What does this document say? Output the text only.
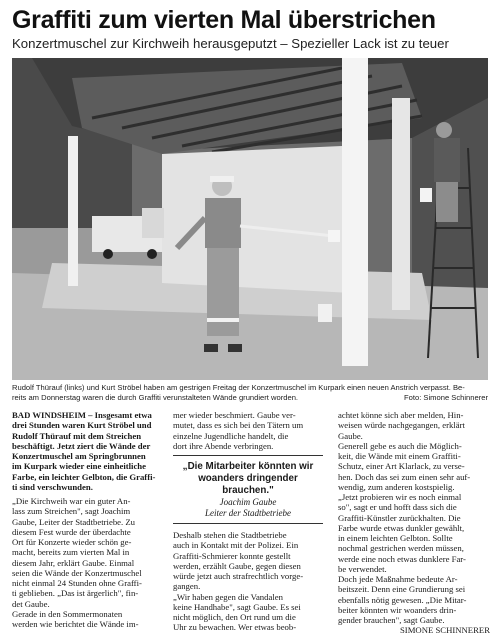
Graffiti zum vierten Mal überstrichen
Konzertmuschel zur Kirchweih herausgeputzt – Spezieller Lack ist zu teuer
Rudolf Thürauf (links) und Kurt Ströbel haben am gestrigen Freitag der Konzertmuschel im Kurpark einen neuen Anstrich verpasst. Be-
reits am Donnerstag waren die durch Graffiti verunstalteten Wände grundiert worden.	Foto: Simone Schinnerer
BAD WINDSHEIM – Insgesamt etwa
drei Stunden waren Kurt Ströbel und
Rudolf Thürauf mit dem Streichen
beschäftigt. Jetzt ziert die Wände der
Konzertmuschel am Springbrunnen
im Kurpark wieder eine einheitliche
Farbe, ein leichter Gelbton, die Graffi-
ti sind verschwunden.
„Die Kirchweih war ein guter An-
lass zum Streichen", sagt Joachim
Gaube, Leiter der Stadtbetriebe. Zu
diesem Fest wurde der überdachte
Ort für Konzerte wieder schön ge-
macht, bereits zum vierten Mal in
diesem Jahr, erklärt Gaube. Einmal
seien die Wände der Konzertmuschel
nicht einmal 24 Stunden ohne Graffi-
ti geblieben. „Das ist ärgerlich", fin-
det Gaube.
Gerade in den Sommermonaten
werden wie berichtet die Wände im-
mer wieder beschmiert. Gaube ver-
mutet, dass es sich bei den Tätern um
einzelne Jugendliche handelt, die
dort ihre Abende verbringen.
„Die Mitarbeiter könnten wir
woanders dringender brauchen."
Joachim Gaube
Leiter der Stadtbetriebe
Deshalb stehen die Stadtbetriebe
auch in Kontakt mit der Polizei. Ein
Graffiti-Schmierer konnte gestellt
werden, erzählt Gaube, gegen diesen
würde jetzt auch strafrechtlich vorge-
gangen.
„Wir haben gegen die Vandalen
keine Handhabe", sagt Gaube. Es sei
nicht möglich, den Ort rund um die
Uhr zu bewachen. Wer etwas beob-
achtet könne sich aber melden, Hin-
weisen würde nachgegangen, erklärt
Gaube.
Generell gebe es auch die Möglich-
keit, die Wände mit einem Graffiti-
Schutz, einer Art Klarlack, zu verse-
hen. Doch das sei zum einen sehr auf-
wendig, zum anderen kostspielig.
„Jetzt probieren wir es noch einmal
so", sagt er und hofft dass sich die
Graffiti-Künstler zurückhalten. Die
Farbe wurde etwas dunkler gewählt,
in einem leichten Gelbton. Sollte
nochmal gestrichen werden müssen,
werde eine noch etwas dunklere Far-
be verwendet.
Doch jede Maßnahme bedeute Ar-
beitszeit. Denn eine Grundierung sei
ebenfalls nötig gewesen. „Die Mitar-
beiter könnten wir woanders drin-
gender brauchen", sagt Gaube.
SIMONE SCHINNERER
